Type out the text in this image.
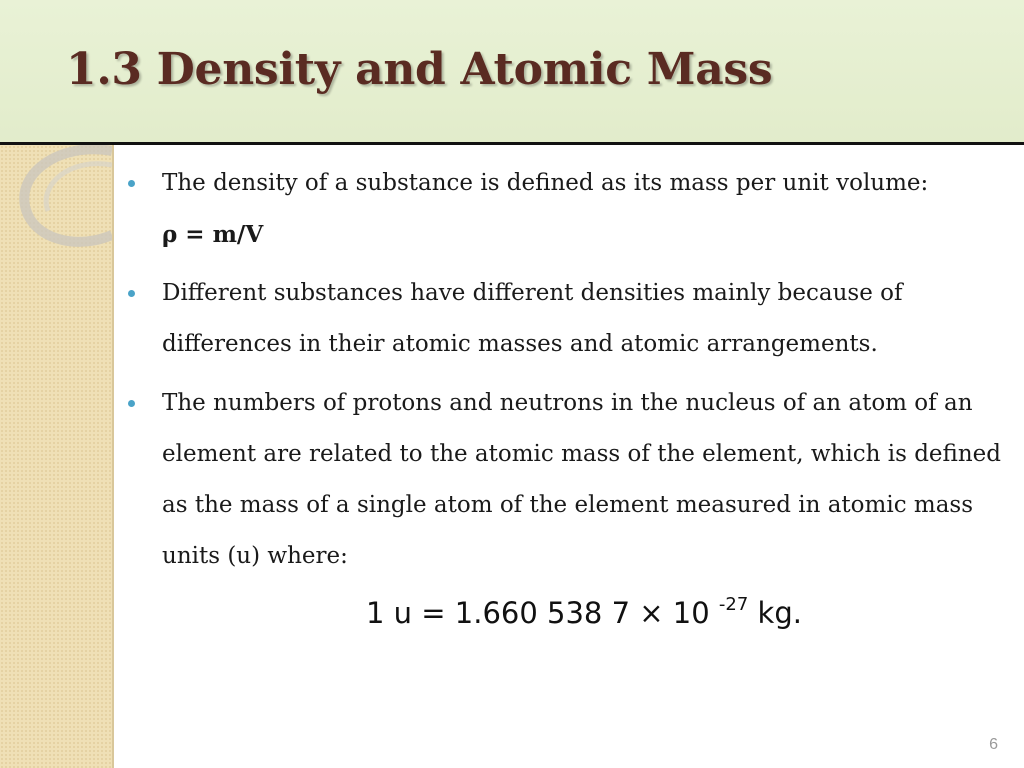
1.3 Density and Atomic Mass
The density of a substance is defined as its mass per unit volume:
ρ = m/V
Different substances have different densities mainly because of differences in their atomic masses and atomic arrangements.
The numbers of protons and neutrons in the nucleus of an atom of an element are related to the atomic mass of the element, which is defined as the mass of a single atom of the element measured in atomic mass units (u) where:
1 u = 1.660 538 7 × 10 $^{-27}$ kg.
6
